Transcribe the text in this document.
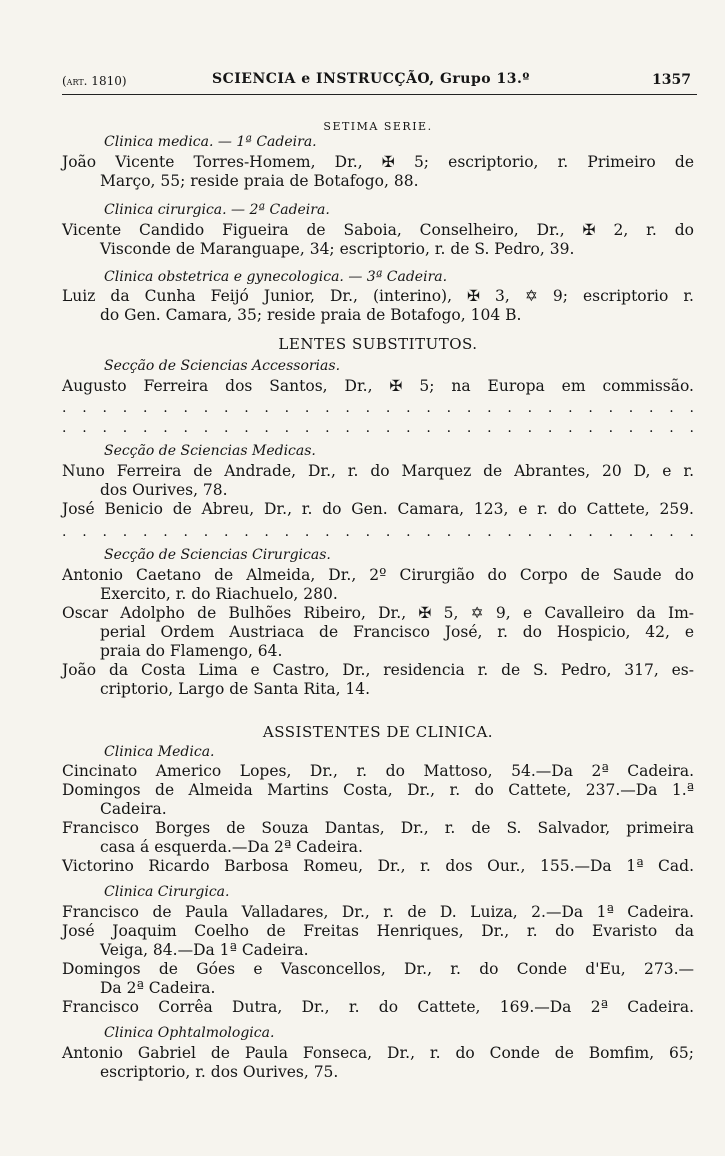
(art. 1810)	SCIENCIA e INSTRUCÇÃO, Grupo 13.º	1357
SETIMA SERIE.
Clinica medica. — 1ª Cadeira.
João Vicente Torres-Homem, Dr., ✠ 5; escriptorio, r. Primeiro de
Março, 55; reside praia de Botafogo, 88.
Clinica cirurgica. — 2ª Cadeira.
Vicente Candido Figueira de Saboia, Conselheiro, Dr., ✠ 2, r. do
Visconde de Maranguape, 34; escriptorio, r. de S. Pedro, 39.
Clinica obstetrica e gynecologica. — 3ª Cadeira.
Luiz da Cunha Feijó Junior, Dr., (interino), ✠ 3, ✡ 9; escriptorio r.
do Gen. Camara, 35; reside praia de Botafogo, 104 B.
LENTES SUBSTITUTOS.
Secção de Sciencias Accessorias.
Augusto Ferreira dos Santos, Dr., ✠ 5; na Europa em commissão.
. . . . . . . . . . . . . . . . . . . . . . . . . . . . . . . .
. . . . . . . . . . . . . . . . . . . . . . . . . . . . . . . .
Secção de Sciencias Medicas.
Nuno Ferreira de Andrade, Dr., r. do Marquez de Abrantes, 20 D, e r.
dos Ourives, 78.
José Benicio de Abreu, Dr., r. do Gen. Camara, 123, e r. do Cattete, 259.
. . . . . . . . . . . . . . . . . . . . . . . . . . . . . . . .
Secção de Sciencias Cirurgicas.
Antonio Caetano de Almeida, Dr., 2º Cirurgião do Corpo de Saude do
Exercito, r. do Riachuelo, 280.
Oscar Adolpho de Bulhões Ribeiro, Dr., ✠ 5, ✡ 9, e Cavalleiro da Im-
perial Ordem Austriaca de Francisco José, r. do Hospicio, 42, e
praia do Flamengo, 64.
João da Costa Lima e Castro, Dr., residencia r. de S. Pedro, 317, es-
criptorio, Largo de Santa Rita, 14.
ASSISTENTES DE CLINICA.
Clinica Medica.
Cincinato Americo Lopes, Dr., r. do Mattoso, 54.—Da 2ª Cadeira.
Domingos de Almeida Martins Costa, Dr., r. do Cattete, 237.—Da 1.ª
Cadeira.
Francisco Borges de Souza Dantas, Dr., r. de S. Salvador, primeira
casa á esquerda.—Da 2ª Cadeira.
Victorino Ricardo Barbosa Romeu, Dr., r. dos Our., 155.—Da 1ª Cad.
Clinica Cirurgica.
Francisco de Paula Valladares, Dr., r. de D. Luiza, 2.—Da 1ª Cadeira.
José Joaquim Coelho de Freitas Henriques, Dr., r. do Evaristo da
Veiga, 84.—Da 1ª Cadeira.
Domingos de Góes e Vasconcellos, Dr., r. do Conde d'Eu, 273.—
Da 2ª Cadeira.
Francisco Corrêa Dutra, Dr., r. do Cattete, 169.—Da 2ª Cadeira.
Clinica Ophtalmologica.
Antonio Gabriel de Paula Fonseca, Dr., r. do Conde de Bomfim, 65;
escriptorio, r. dos Ourives, 75.
